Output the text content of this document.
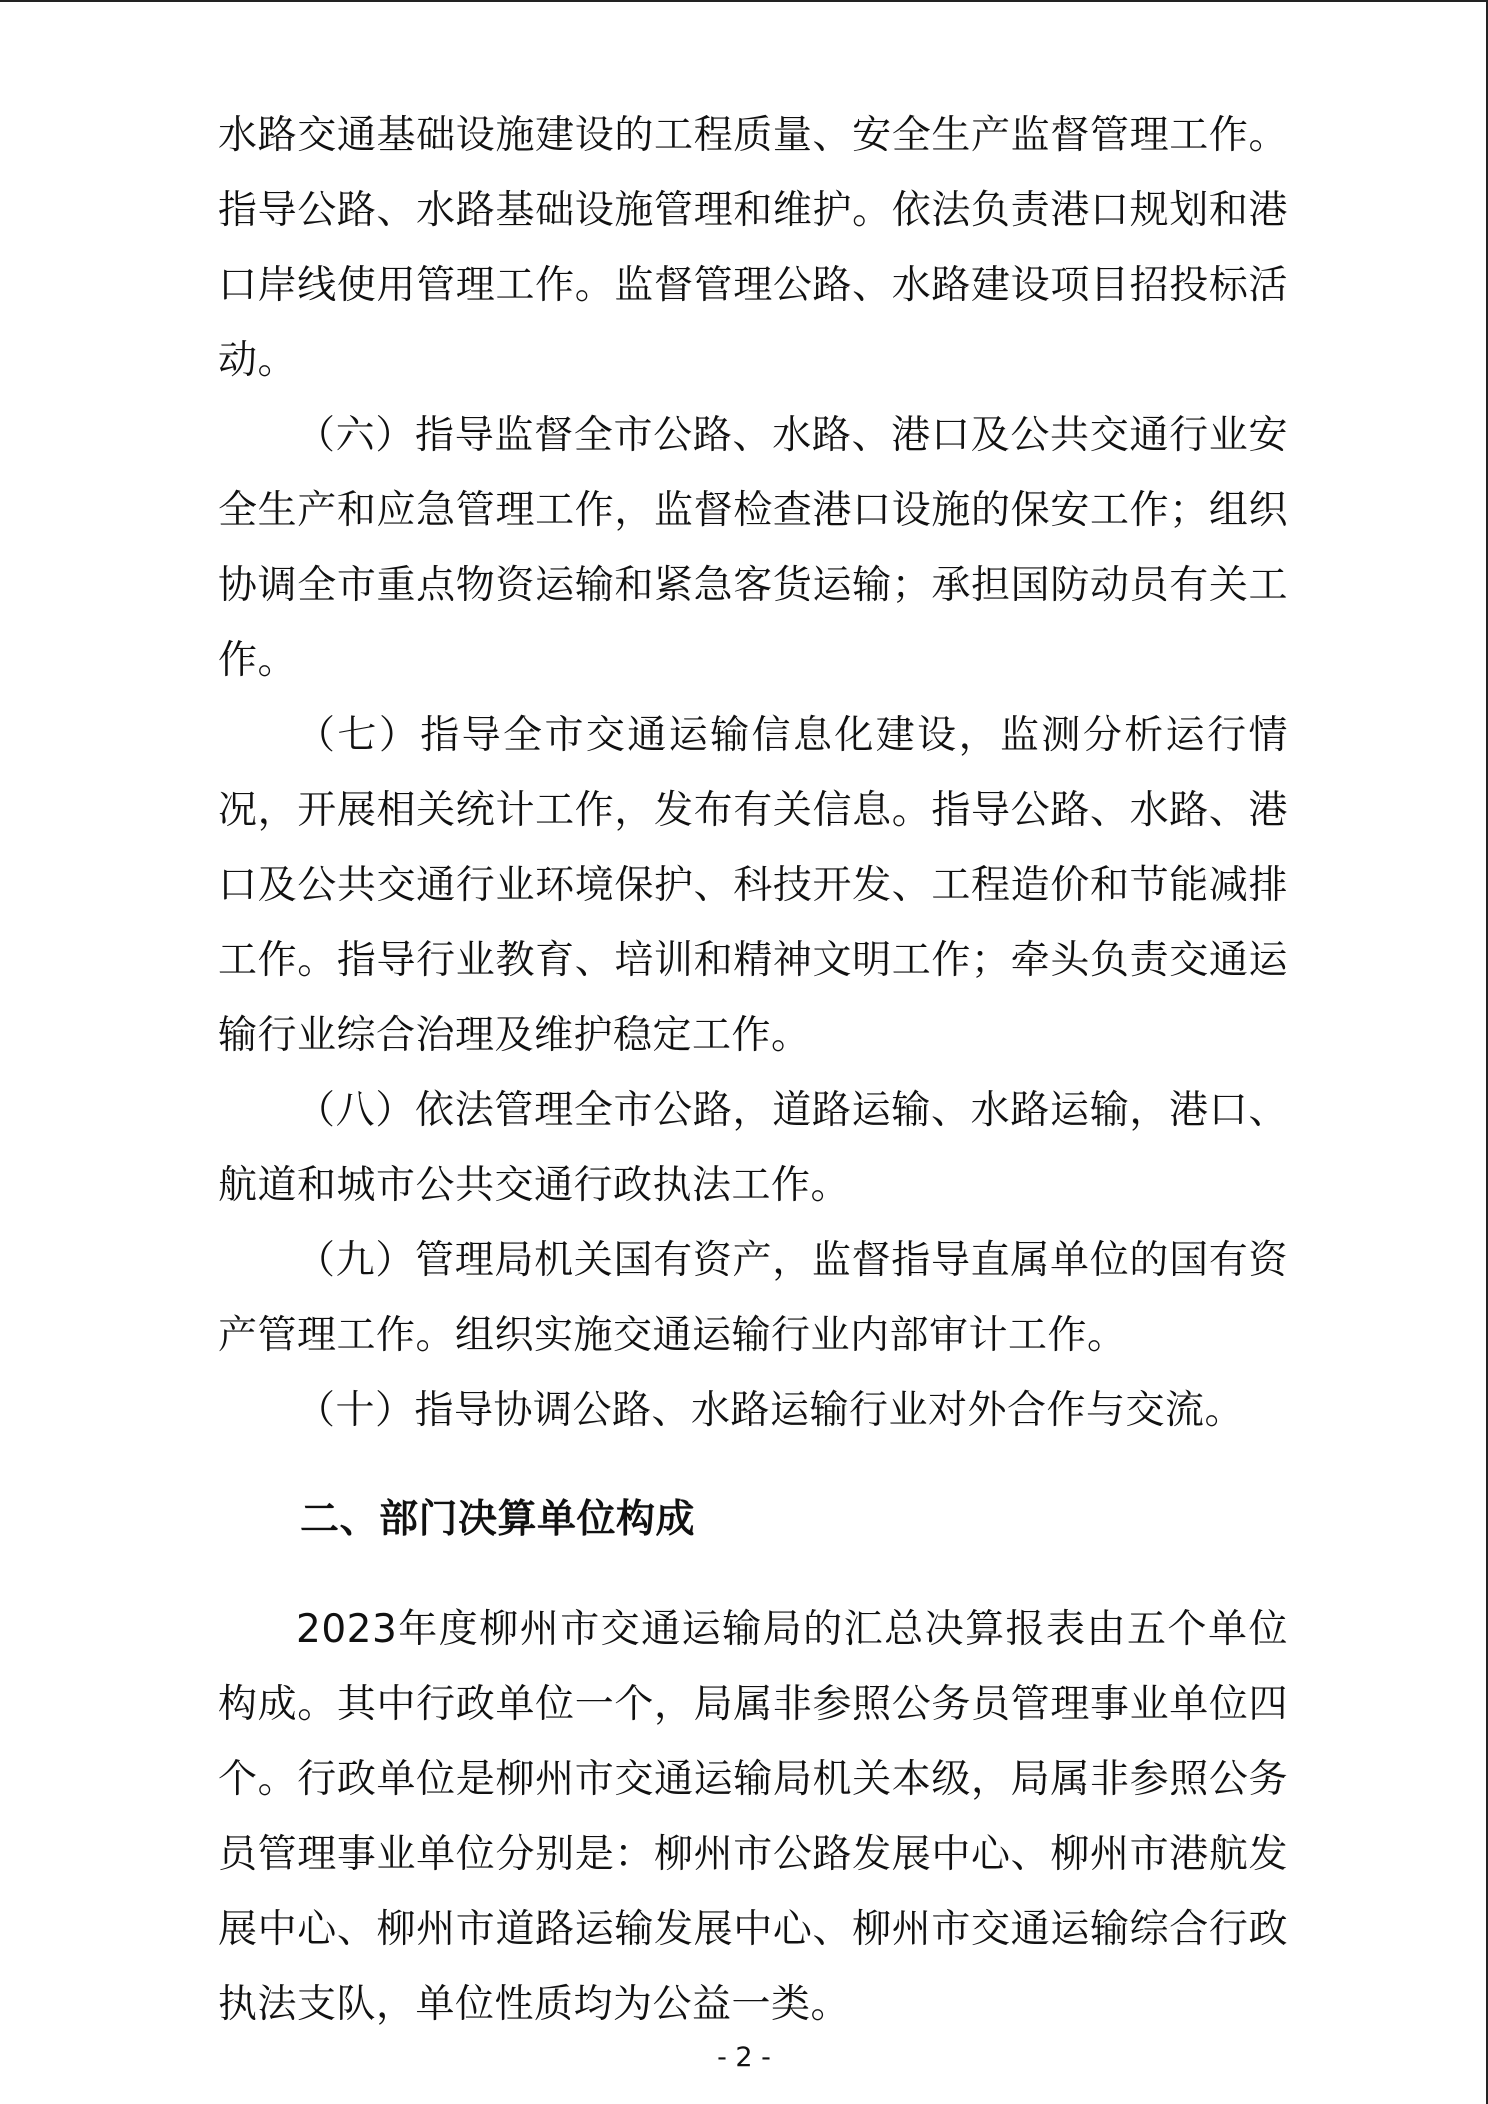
水路交通基础设施建设的工程质量、安全生产监督管理工作。指导公路、水路基础设施管理和维护。依法负责港口规划和港口岸线使用管理工作。监督管理公路、水路建设项目招投标活动。

（六）指导监督全市公路、水路、港口及公共交通行业安全生产和应急管理工作，监督检查港口设施的保安工作；组织协调全市重点物资运输和紧急客货运输；承担国防动员有关工作。

（七）指导全市交通运输信息化建设，监测分析运行情况，开展相关统计工作，发布有关信息。指导公路、水路、港口及公共交通行业环境保护、科技开发、工程造价和节能减排工作。指导行业教育、培训和精神文明工作；牵头负责交通运输行业综合治理及维护稳定工作。

（八）依法管理全市公路，道路运输、水路运输，港口、航道和城市公共交通行政执法工作。

（九）管理局机关国有资产，监督指导直属单位的国有资产管理工作。组织实施交通运输行业内部审计工作。

（十）指导协调公路、水路运输行业对外合作与交流。

二、部门决算单位构成

2023年度柳州市交通运输局的汇总决算报表由五个单位构成。其中行政单位一个，局属非参照公务员管理事业单位四个。行政单位是柳州市交通运输局机关本级，局属非参照公务员管理事业单位分别是：柳州市公路发展中心、柳州市港航发展中心、柳州市道路运输发展中心、柳州市交通运输综合行政执法支队，单位性质均为公益一类。

- 2 -
